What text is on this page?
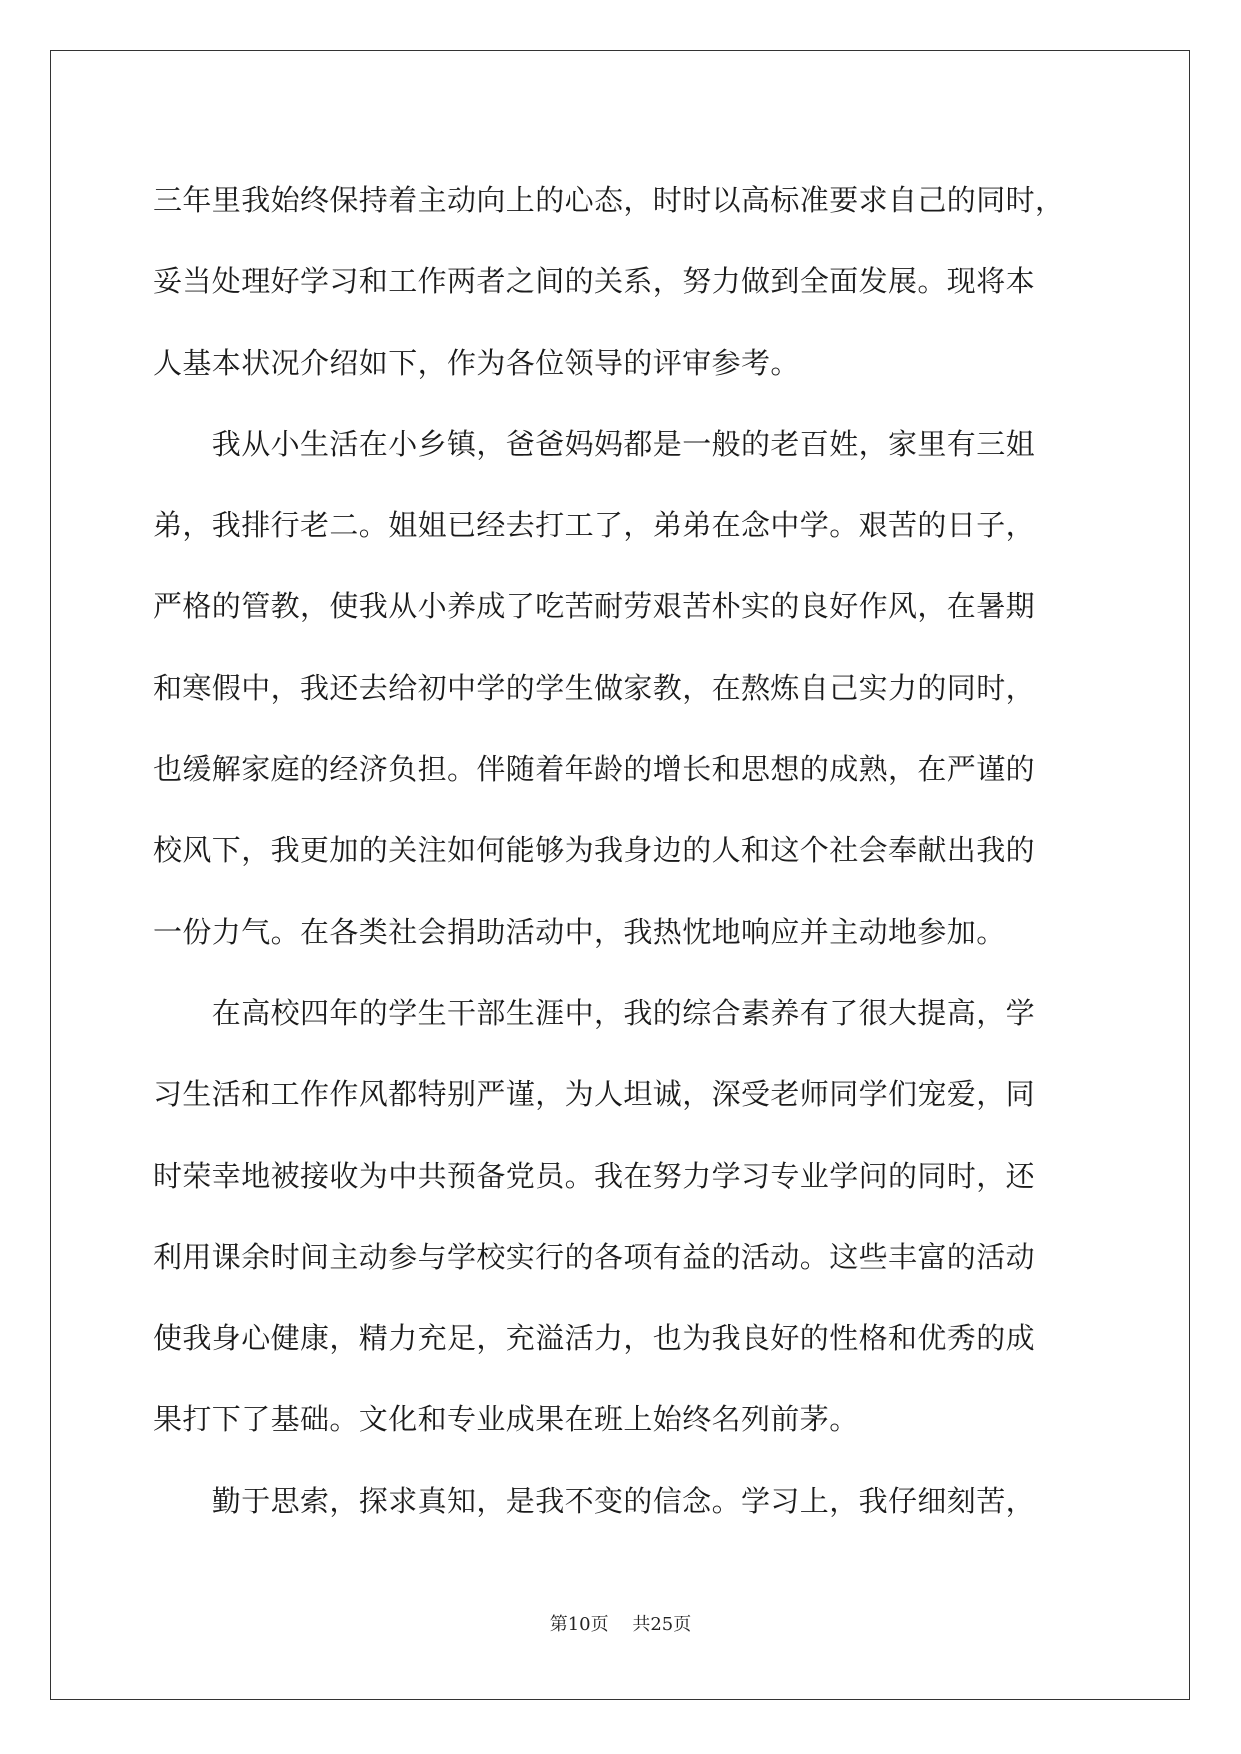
三年里我始终保持着主动向上的心态，时时以高标准要求自己的同时，
妥当处理好学习和工作两者之间的关系，努力做到全面发展。现将本
人基本状况介绍如下，作为各位领导的评审参考。
　　我从小生活在小乡镇，爸爸妈妈都是一般的老百姓，家里有三姐
弟，我排行老二。姐姐已经去打工了，弟弟在念中学。艰苦的日子，
严格的管教，使我从小养成了吃苦耐劳艰苦朴实的良好作风，在暑期
和寒假中，我还去给初中学的学生做家教，在熬炼自己实力的同时，
也缓解家庭的经济负担。伴随着年龄的增长和思想的成熟，在严谨的
校风下，我更加的关注如何能够为我身边的人和这个社会奉献出我的
一份力气。在各类社会捐助活动中，我热忱地响应并主动地参加。
　　在高校四年的学生干部生涯中，我的综合素养有了很大提高，学
习生活和工作作风都特别严谨，为人坦诚，深受老师同学们宠爱，同
时荣幸地被接收为中共预备党员。我在努力学习专业学问的同时，还
利用课余时间主动参与学校实行的各项有益的活动。这些丰富的活动
使我身心健康，精力充足，充溢活力，也为我良好的性格和优秀的成
果打下了基础。文化和专业成果在班上始终名列前茅。
　　勤于思索，探求真知，是我不变的信念。学习上，我仔细刻苦，
第10页 共25页
